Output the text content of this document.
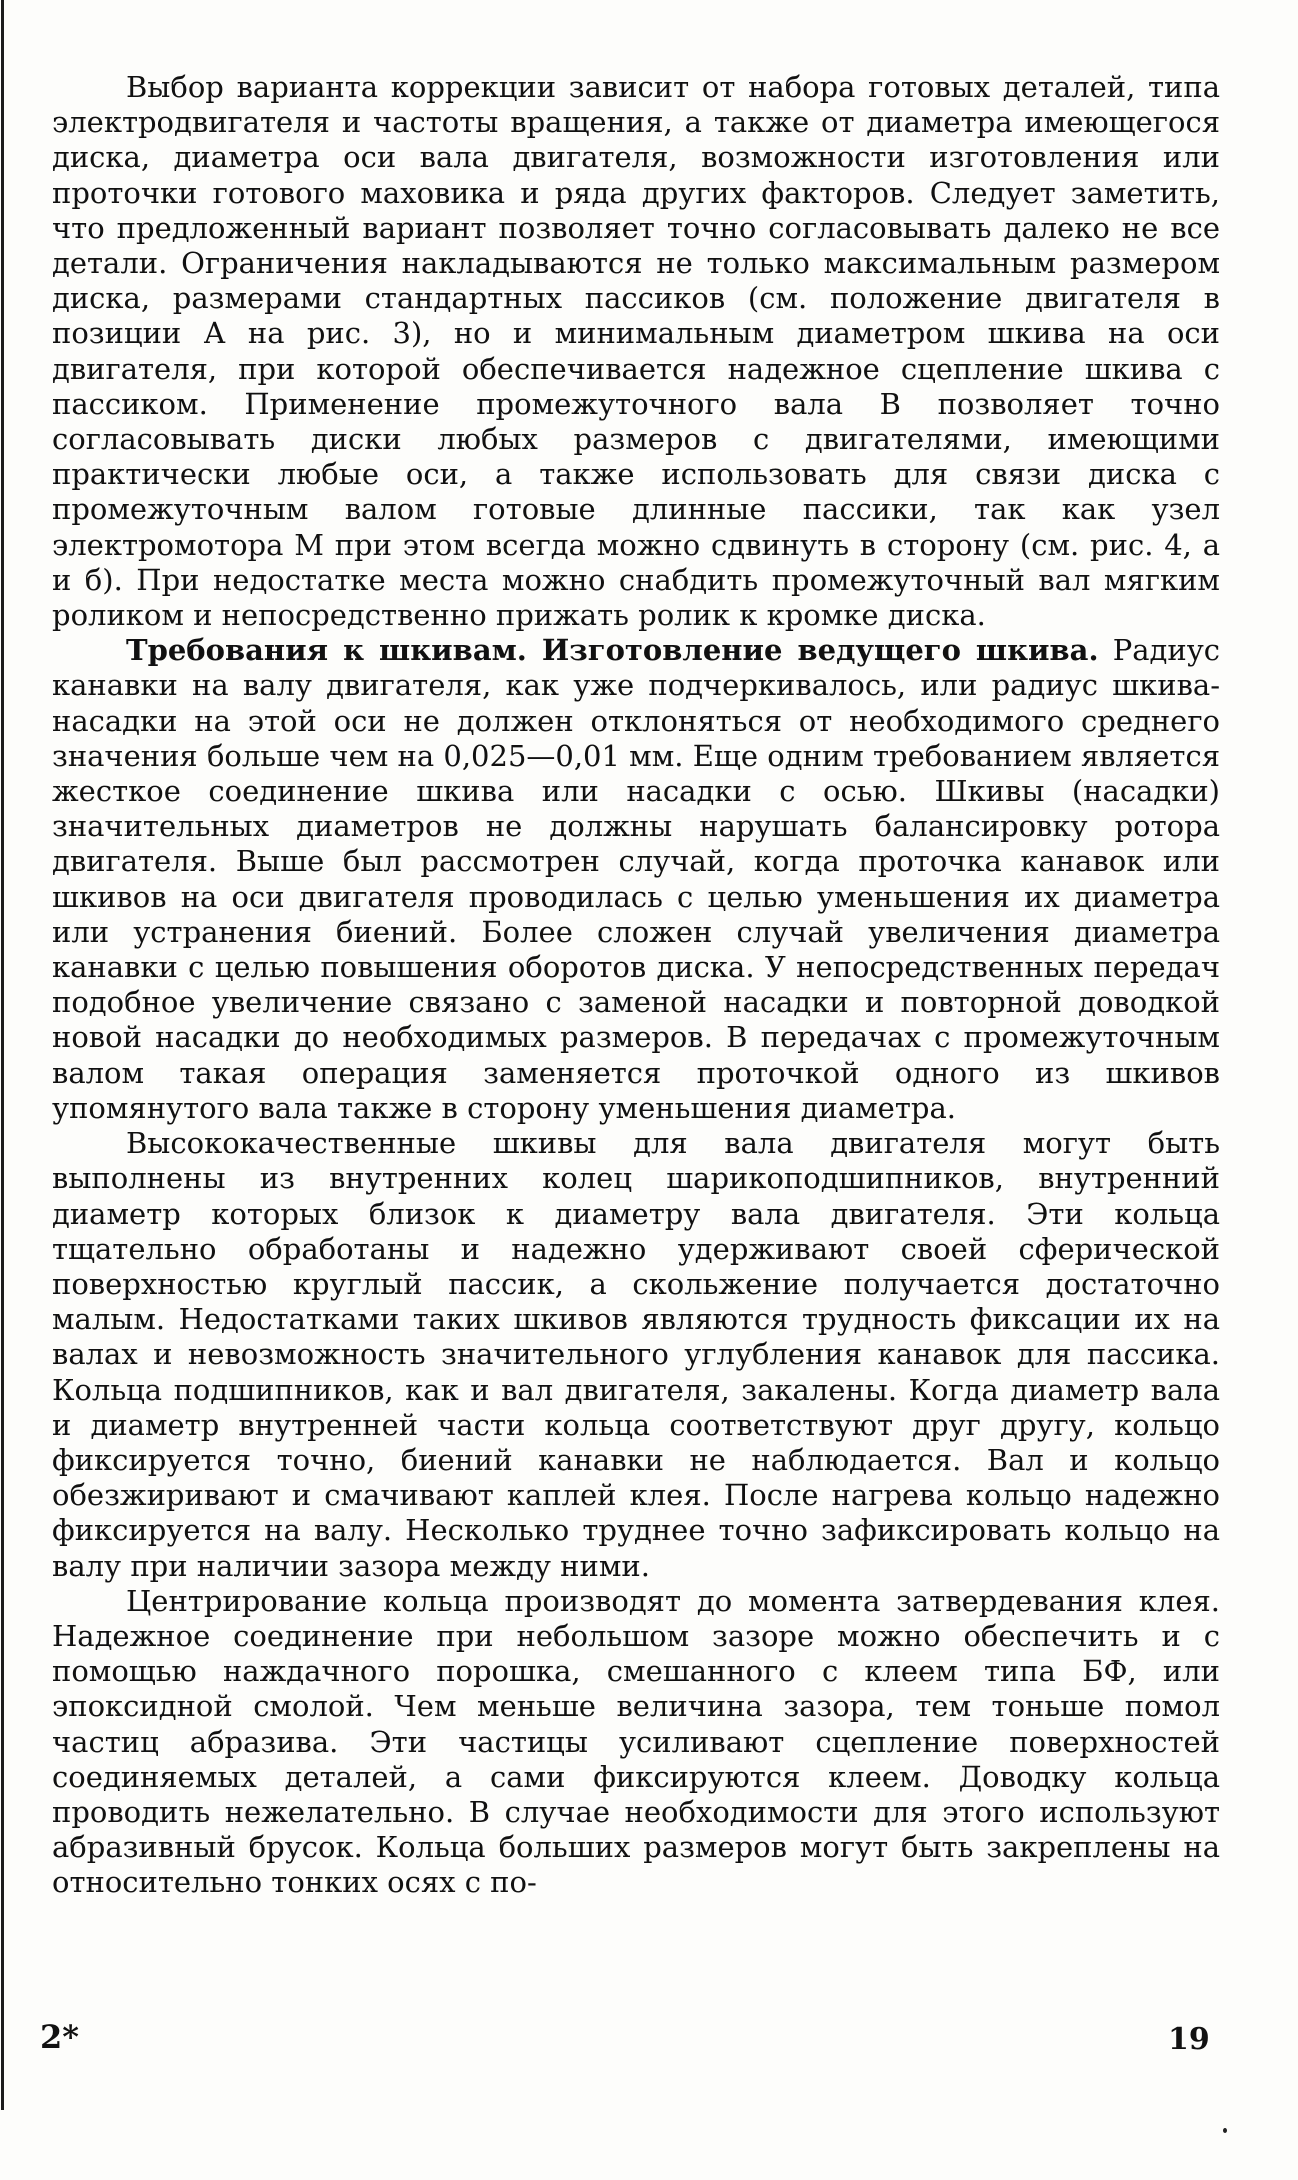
Выбор варианта коррекции зависит от набора готовых деталей, типа электродвигателя и частоты вращения, а также от диаметра имеющегося диска, диаметра оси вала двигателя, возможности изготовления или проточки готового маховика и ряда других факторов. Следует заметить, что предложенный вариант позволяет точно согласовывать далеко не все детали. Ограничения накладываются не только максимальным размером диска, размерами стандартных пассиков (см. положение двигателя в позиции А на рис. 3), но и минимальным диаметром шкива на оси двигателя, при которой обеспечивается надежное сцепление шкива с пассиком. Применение промежуточного вала В позволяет точно согласовывать диски любых размеров с двигателями, имеющими практически любые оси, а также использовать для связи диска с промежуточным валом готовые длинные пассики, так как узел электромотора М при этом всегда можно сдвинуть в сторону (см. рис. 4, а и б). При недостатке места можно снабдить промежуточный вал мягким роликом и непосредственно прижать ролик к кромке диска.

Требования к шкивам. Изготовление ведущего шкива. Радиус канавки на валу двигателя, как уже подчеркивалось, или радиус шкива-насадки на этой оси не должен отклоняться от необходимого среднего значения больше чем на 0,025—0,01 мм. Еще одним требованием является жесткое соединение шкива или насадки с осью. Шкивы (насадки) значительных диаметров не должны нарушать балансировку ротора двигателя. Выше был рассмотрен случай, когда проточка канавок или шкивов на оси двигателя проводилась с целью уменьшения их диаметра или устранения биений. Более сложен случай увеличения диаметра канавки с целью повышения оборотов диска. У непосредственных передач подобное увеличение связано с заменой насадки и повторной доводкой новой насадки до необходимых размеров. В передачах с промежуточным валом такая операция заменяется проточкой одного из шкивов упомянутого вала также в сторону уменьшения диаметра.

Высококачественные шкивы для вала двигателя могут быть выполнены из внутренних колец шарикоподшипников, внутренний диаметр которых близок к диаметру вала двигателя. Эти кольца тщательно обработаны и надежно удерживают своей сферической поверхностью круглый пассик, а скольжение получается достаточно малым. Недостатками таких шкивов являются трудность фиксации их на валах и невозможность значительного углубления канавок для пассика. Кольца подшипников, как и вал двигателя, закалены. Когда диаметр вала и диаметр внутренней части кольца соответствуют друг другу, кольцо фиксируется точно, биений канавки не наблюдается. Вал и кольцо обезжиривают и смачивают каплей клея. После нагрева кольцо надежно фиксируется на валу. Несколько труднее точно зафиксировать кольцо на валу при наличии зазора между ними.

Центрирование кольца производят до момента затвердевания клея. Надежное соединение при небольшом зазоре можно обеспечить и с помощью наждачного порошка, смешанного с клеем типа БФ, или эпоксидной смолой. Чем меньше величина зазора, тем тоньше помол частиц абразива. Эти частицы усиливают сцепление поверхностей соединяемых деталей, а сами фиксируются клеем. Доводку кольца проводить нежелательно. В случае необходимости для этого используют абразивный брусок. Кольца больших размеров могут быть закреплены на относительно тонких осях с по-

2*	19
